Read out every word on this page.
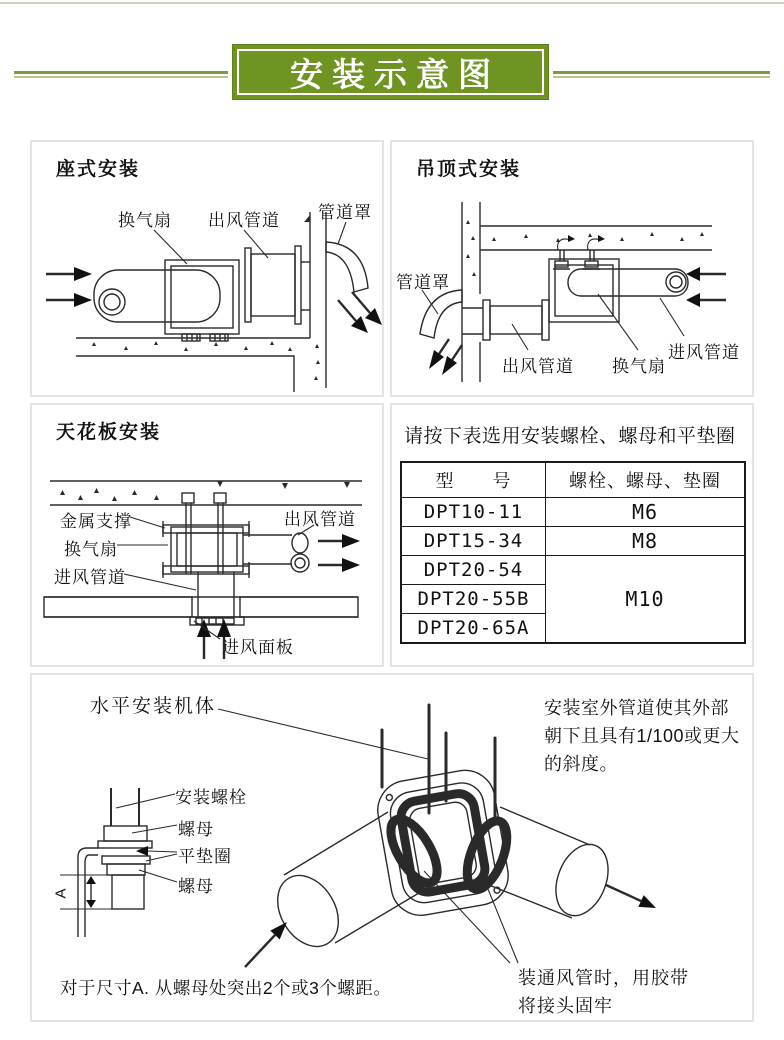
安装示意图
座式安装
换气扇 出风管道 管道罩
吊顶式安装
管道罩
出风管道 换气扇
进风管道
天花板安装
金属支撑
换气扇
进风管道
出风管道
进风面板
请按下表选用安装螺栓、螺母和平垫圈
型　　号	螺栓、螺母、垫圈
DPT10-11	M6
DPT15-34	M8
DPT20-54	M10
DPT20-55B	
DPT20-65A	
水平安装机体	安装室外管道使其外部朝下且具有1/100或更大的斜度。
安装螺栓
螺母
平垫圈
螺母
A
对于尺寸A. 从螺母处突出2个或3个螺距。	装通风管时，用胶带
将接头固牢
